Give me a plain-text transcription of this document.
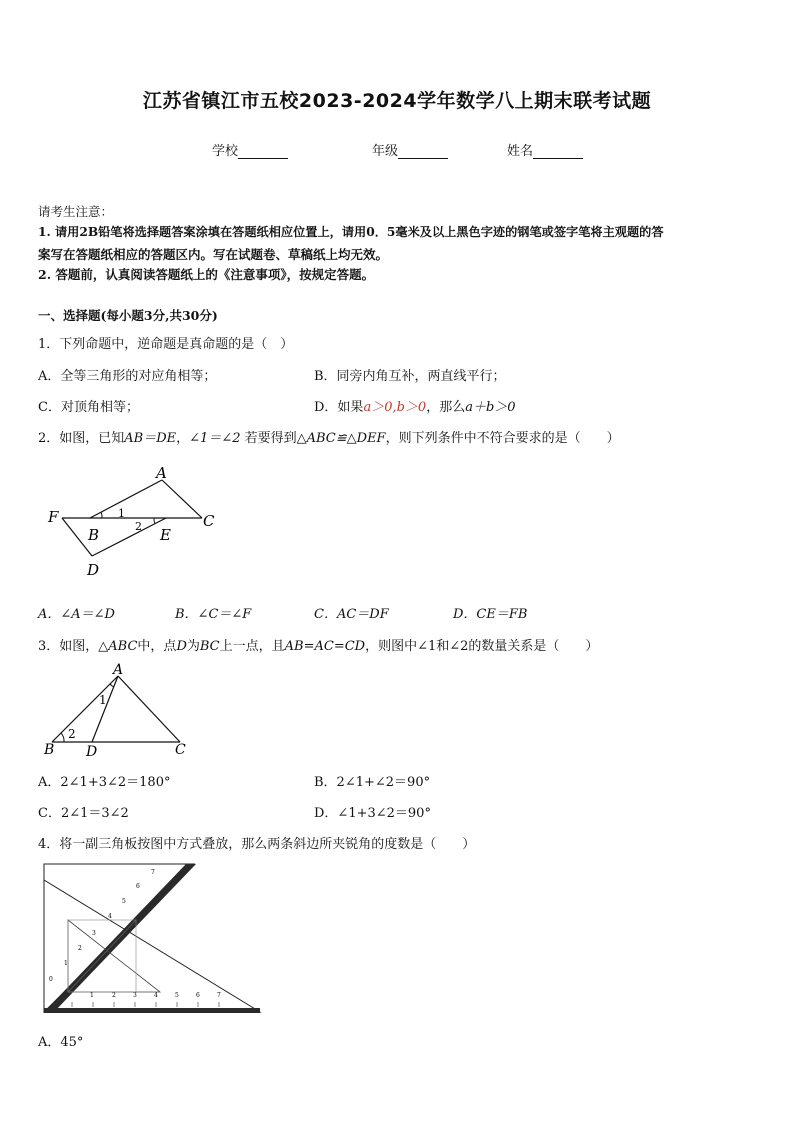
江苏省镇江市五校2023-2024学年数学八上期末联考试题
学校	年级	姓名
请考生注意：
1. 请用2B铅笔将选择题答案涂填在答题纸相应位置上，请用0．5毫米及以上黑色字迹的钢笔或签字笔将主观题的答
案写在答题纸相应的答题区内。写在试题卷、草稿纸上均无效。
2. 答题前，认真阅读答题纸上的《注意事项》，按规定答题。
一、选择题(每小题3分,共30分)
1．下列命题中，逆命题是真命题的是（　）
A．全等三角形的对应角相等；	B．同旁内角互补，两直线平行；
C．对顶角相等；	D．如果a＞0,b＞0，那么a＋b＞0
2．如图，已知AB＝DE，∠1＝∠2 若要得到△ABC≌△DEF，则下列条件中不符合要求的是（　　）
A
F	C
B	E
D
1
2
A．∠A＝∠D	B．∠C＝∠F	C．AC＝DF	D．CE＝FB
3．如图，△ABC中，点D为BC上一点，且AB=AC=CD，则图中∠1和∠2的数量关系是（　　）
A
B D	C
1
2
A．2∠1+3∠2＝180°	B．2∠1+∠2＝90°
C．2∠1＝3∠2	D．∠1+3∠2＝90°
4．将一副三角板按图中方式叠放，那么两条斜边所夹锐角的度数是（　　）
0
1	2	3	4	5	6	7
1
2
3
4
5
6
7
A．45°
